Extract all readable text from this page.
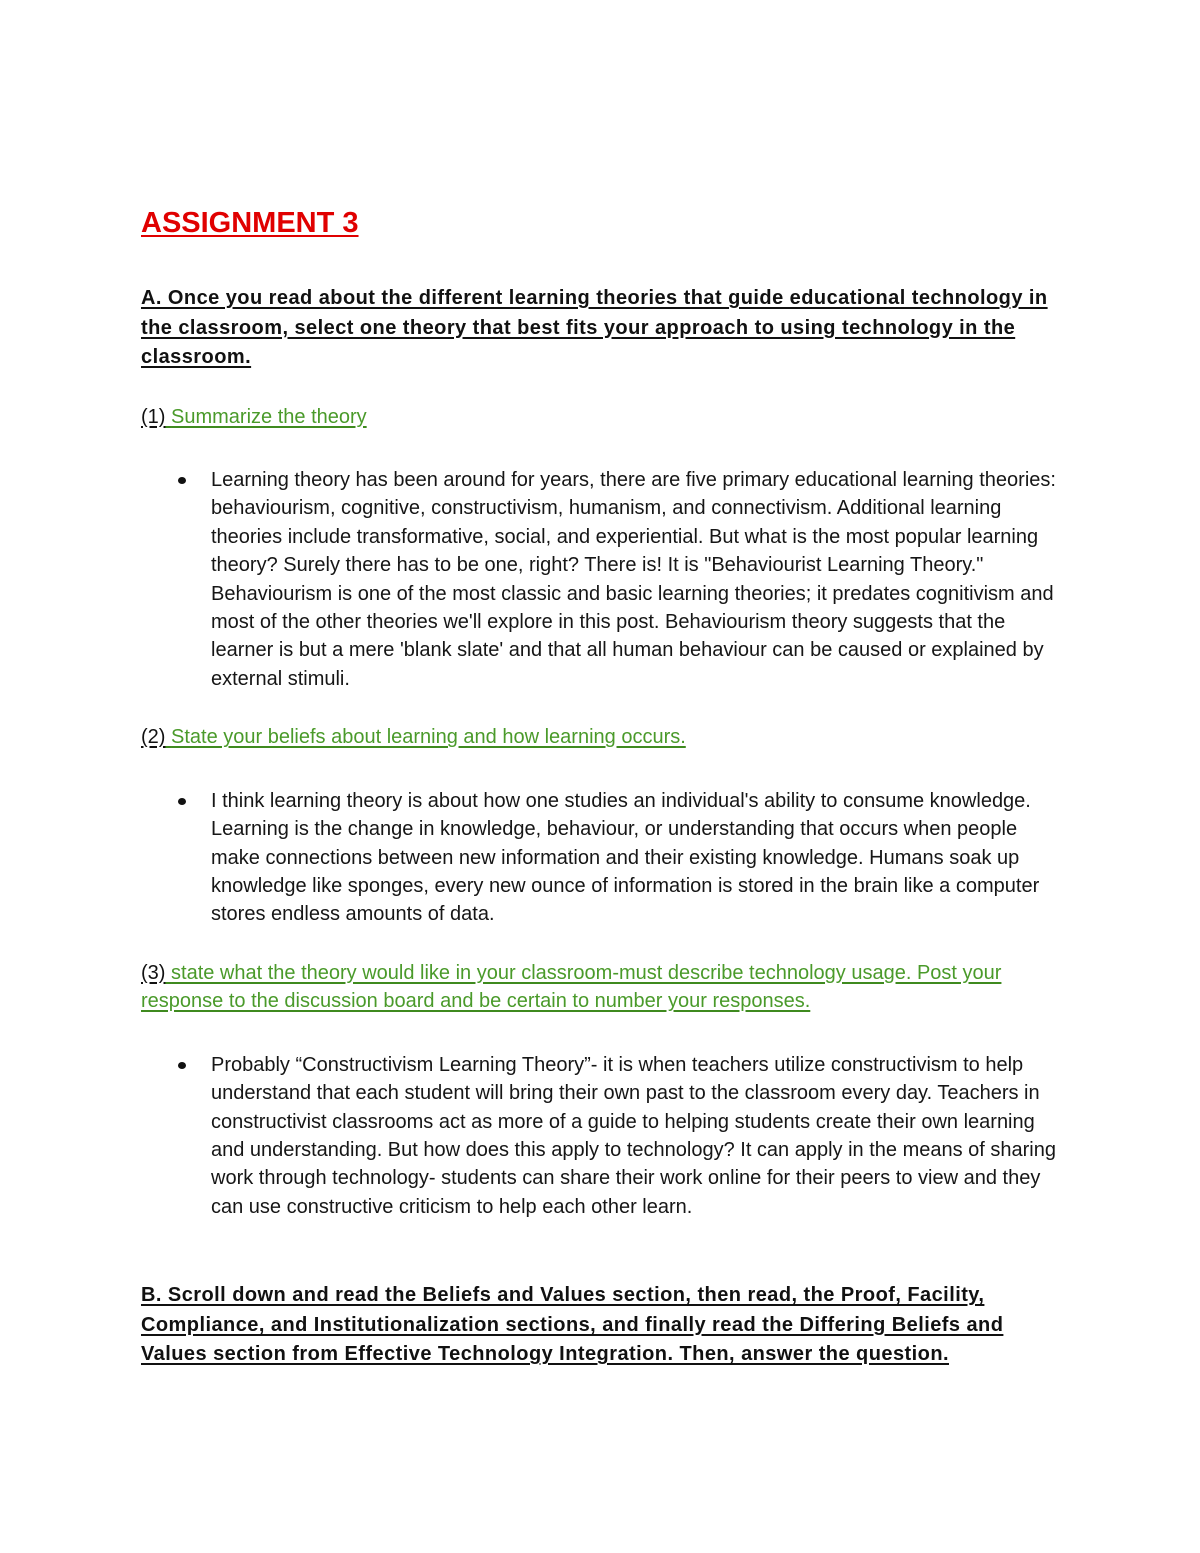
ASSIGNMENT 3

A. Once you read about the different learning theories that guide educational technology in the classroom, select one theory that best fits your approach to using technology in the classroom.

(1) Summarize the theory

Learning theory has been around for years, there are five primary educational learning theories: behaviourism, cognitive, constructivism, humanism, and connectivism. Additional learning theories include transformative, social, and experiential. But what is the most popular learning theory? Surely there has to be one, right? There is! It is "Behaviourist Learning Theory." Behaviourism is one of the most classic and basic learning theories; it predates cognitivism and most of the other theories we'll explore in this post. Behaviourism theory suggests that the learner is but a mere 'blank slate' and that all human behaviour can be caused or explained by external stimuli.

(2) State your beliefs about learning and how learning occurs.

I think learning theory is about how one studies an individual's ability to consume knowledge. Learning is the change in knowledge, behaviour, or understanding that occurs when people make connections between new information and their existing knowledge. Humans soak up knowledge like sponges, every new ounce of information is stored in the brain like a computer stores endless amounts of data.

(3) state what the theory would like in your classroom-must describe technology usage. Post your response to the discussion board and be certain to number your responses.

Probably “Constructivism Learning Theory”- it is when teachers utilize constructivism to help understand that each student will bring their own past to the classroom every day. Teachers in constructivist classrooms act as more of a guide to helping students create their own learning and understanding. But how does this apply to technology? It can apply in the means of sharing work through technology- students can share their work online for their peers to view and they can use constructive criticism to help each other learn.

B. Scroll down and read the Beliefs and Values section, then read, the Proof, Facility, Compliance, and Institutionalization sections, and finally read the Differing Beliefs and Values section from Effective Technology Integration. Then, answer the question.
